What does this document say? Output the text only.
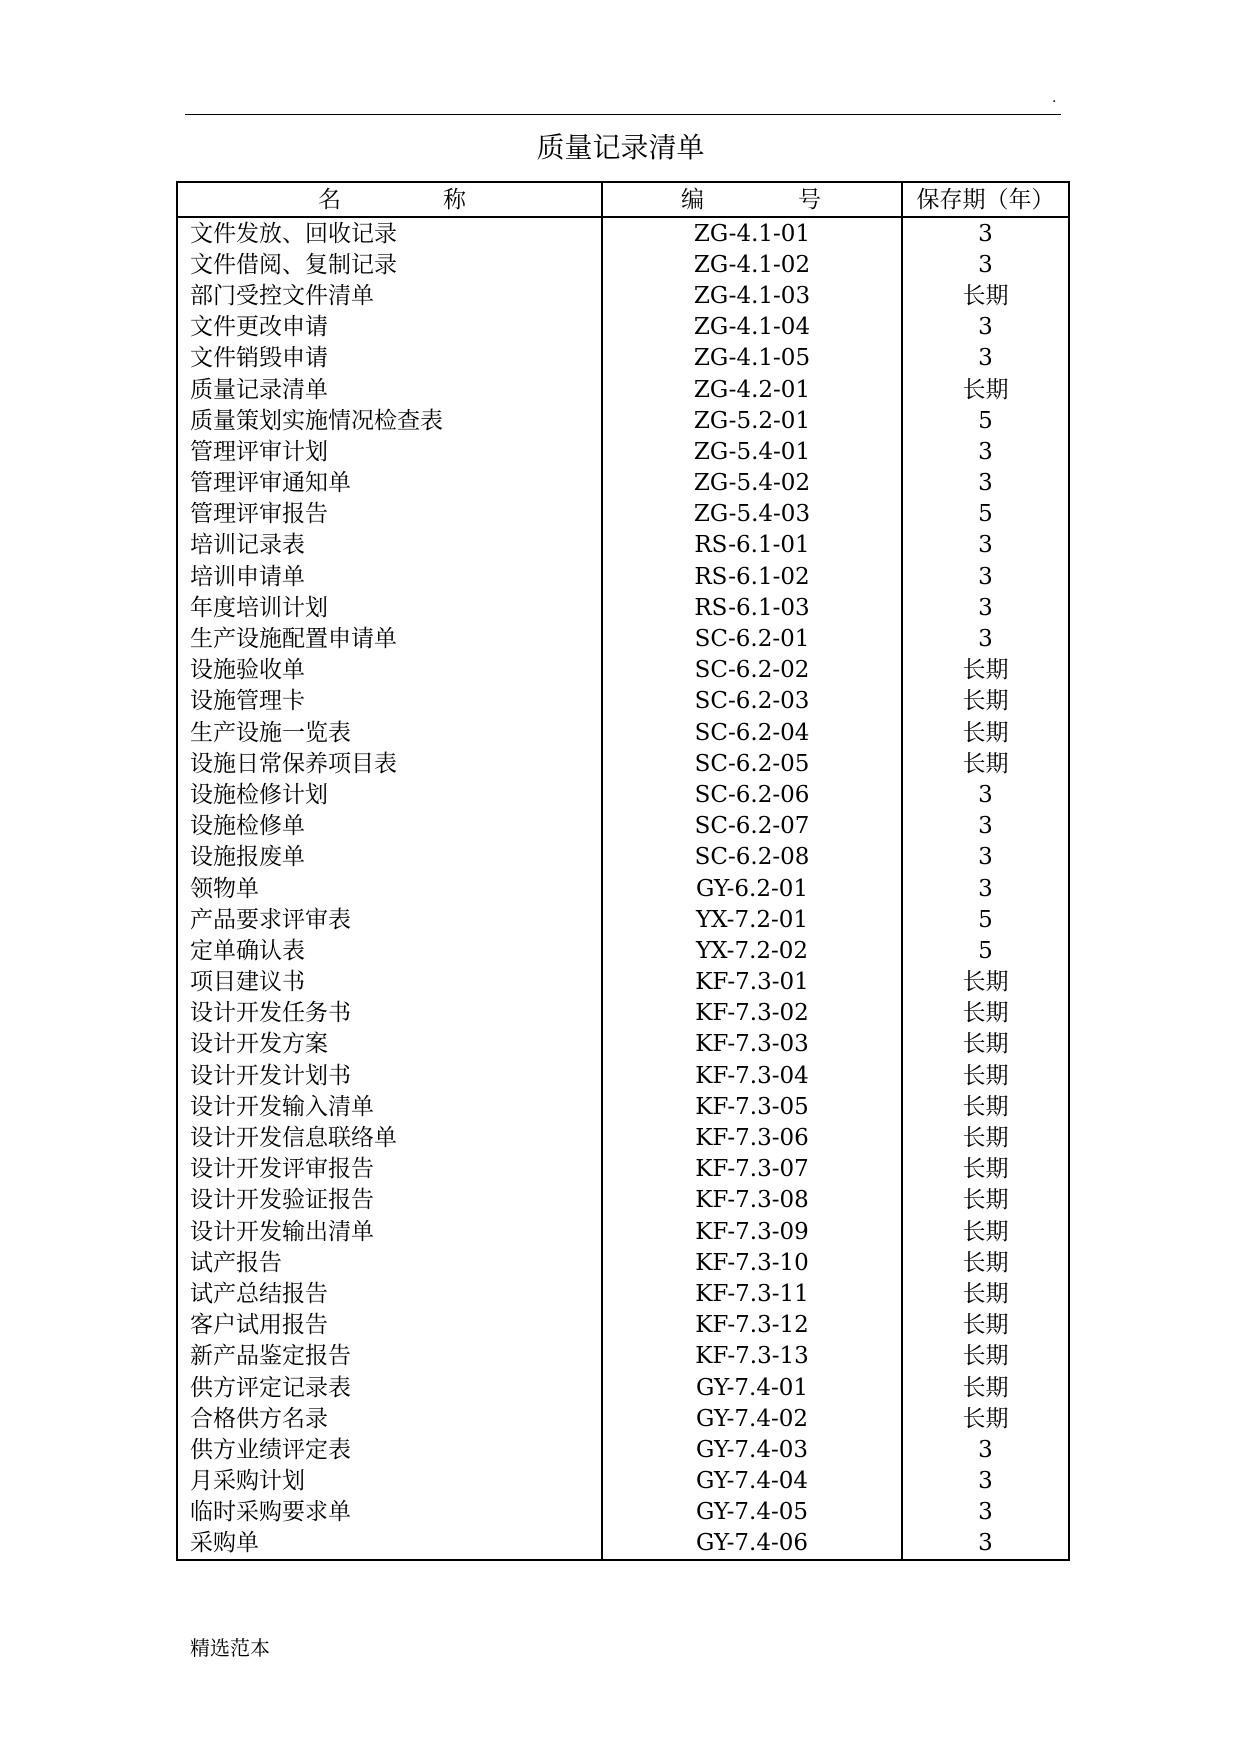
.
质量记录清单
名 称	编 号	保存期（年）
文件发放、回收记录	ZG-4.1-01	3
文件借阅、复制记录	ZG-4.1-02	3
部门受控文件清单	ZG-4.1-03	长期
文件更改申请	ZG-4.1-04	3
文件销毁申请	ZG-4.1-05	3
质量记录清单	ZG-4.2-01	长期
质量策划实施情况检查表	ZG-5.2-01	5
管理评审计划	ZG-5.4-01	3
管理评审通知单	ZG-5.4-02	3
管理评审报告	ZG-5.4-03	5
培训记录表	RS-6.1-01	3
培训申请单	RS-6.1-02	3
年度培训计划	RS-6.1-03	3
生产设施配置申请单	SC-6.2-01	3
设施验收单	SC-6.2-02	长期
设施管理卡	SC-6.2-03	长期
生产设施一览表	SC-6.2-04	长期
设施日常保养项目表	SC-6.2-05	长期
设施检修计划	SC-6.2-06	3
设施检修单	SC-6.2-07	3
设施报废单	SC-6.2-08	3
领物单	GY-6.2-01	3
产品要求评审表	YX-7.2-01	5
定单确认表	YX-7.2-02	5
项目建议书	KF-7.3-01	长期
设计开发任务书	KF-7.3-02	长期
设计开发方案	KF-7.3-03	长期
设计开发计划书	KF-7.3-04	长期
设计开发输入清单	KF-7.3-05	长期
设计开发信息联络单	KF-7.3-06	长期
设计开发评审报告	KF-7.3-07	长期
设计开发验证报告	KF-7.3-08	长期
设计开发输出清单	KF-7.3-09	长期
试产报告	KF-7.3-10	长期
试产总结报告	KF-7.3-11	长期
客户试用报告	KF-7.3-12	长期
新产品鉴定报告	KF-7.3-13	长期
供方评定记录表	GY-7.4-01	长期
合格供方名录	GY-7.4-02	长期
供方业绩评定表	GY-7.4-03	3
月采购计划	GY-7.4-04	3
临时采购要求单	GY-7.4-05	3
采购单	GY-7.4-06	3
精选范本
